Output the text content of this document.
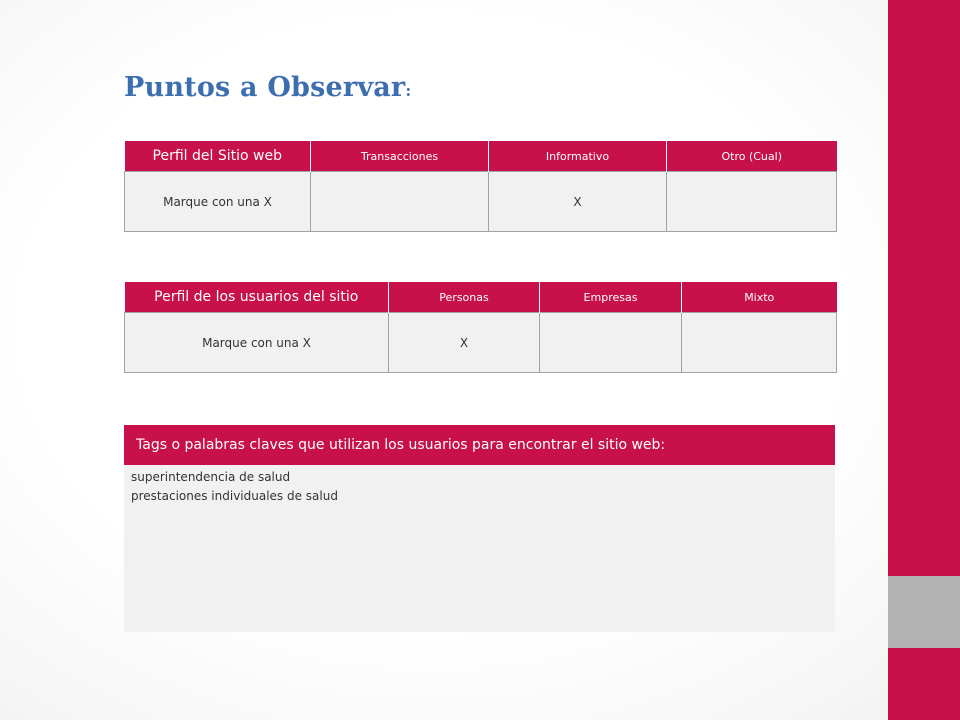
Puntos a Observar:
Perfil del Sitio web	Transacciones	Informativo	Otro (Cual)
Marque con una X		X	
Perfil de los usuarios del sitio	Personas	Empresas	Mixto
Marque con una X	X		
Tags o palabras claves que utilizan los usuarios para encontrar el sitio web:
superintendencia de salud
prestaciones individuales de salud
